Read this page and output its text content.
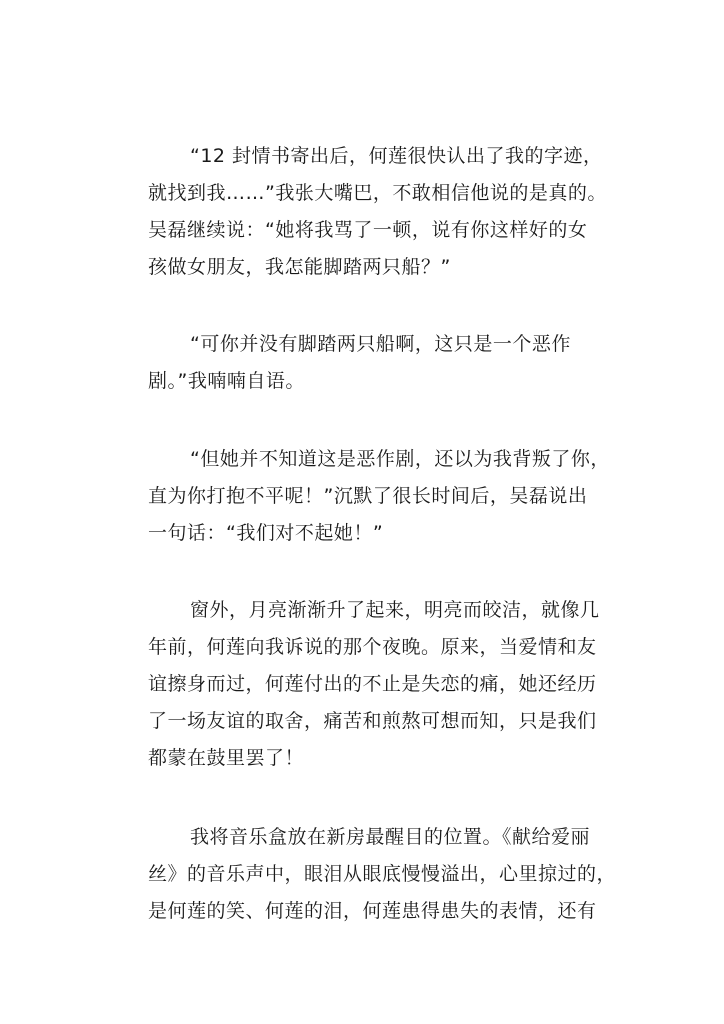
“12 封情书寄出后，何莲很快认出了我的字迹，
就找到我……”我张大嘴巴，不敢相信他说的是真的。
吴磊继续说：“她将我骂了一顿，说有你这样好的女
孩做女朋友，我怎能脚踏两只船？”
“可你并没有脚踏两只船啊，这只是一个恶作
剧。”我喃喃自语。
“但她并不知道这是恶作剧，还以为我背叛了你，
直为你打抱不平呢！”沉默了很长时间后，吴磊说出
一句话：“我们对不起她！”
窗外，月亮渐渐升了起来，明亮而皎洁，就像几
年前，何莲向我诉说的那个夜晚。原来，当爱情和友
谊擦身而过，何莲付出的不止是失恋的痛，她还经历
了一场友谊的取舍，痛苦和煎熬可想而知，只是我们
都蒙在鼓里罢了！
我将音乐盒放在新房最醒目的位置。《献给爱丽
丝》的音乐声中，眼泪从眼底慢慢溢出，心里掠过的，
是何莲的笑、何莲的泪，何莲患得患失的表情，还有
